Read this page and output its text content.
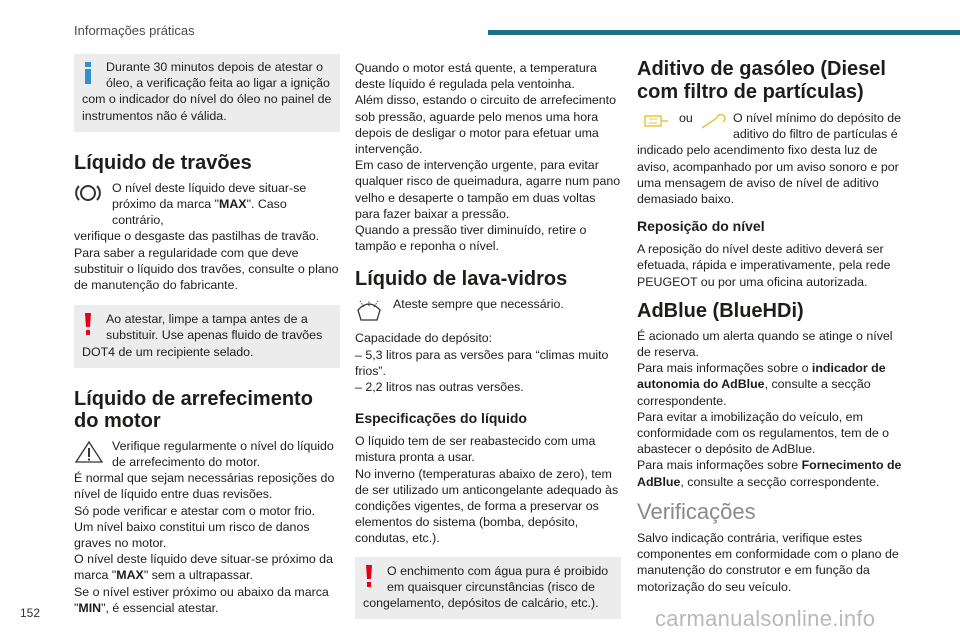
Informações práticas
Durante 30 minutos depois de atestar o óleo, a verificação feita ao ligar a ignição
com o indicador do nível do óleo no painel de instrumentos não é válida.
Líquido de travões
O nível deste líquido deve situar-se próximo da marca "MAX". Caso contrário,
verifique o desgaste das pastilhas de travão.
Para saber a regularidade com que deve substituir o líquido dos travões, consulte o plano de manutenção do fabricante.
Ao atestar, limpe a tampa antes de a substituir. Use apenas fluido de travões
DOT4 de um recipiente selado.
Líquido de arrefecimento do motor
Verifique regularmente o nível do líquido de arrefecimento do motor.
É normal que sejam necessárias reposições do nível de líquido entre duas revisões.
Só pode verificar e atestar com o motor frio.
Um nível baixo constitui um risco de danos graves no motor.
O nível deste líquido deve situar-se próximo da marca "MAX" sem a ultrapassar.
Se o nível estiver próximo ou abaixo da marca "MIN", é essencial atestar.
Quando o motor está quente, a temperatura deste líquido é regulada pela ventoinha.
Além disso, estando o circuito de arrefecimento sob pressão, aguarde pelo menos uma hora depois de desligar o motor para efetuar uma intervenção.
Em caso de intervenção urgente, para evitar qualquer risco de queimadura, agarre num pano velho e desaperte o tampão em duas voltas para fazer baixar a pressão.
Quando a pressão tiver diminuído, retire o tampão e reponha o nível.
Líquido de lava-vidros
Ateste sempre que necessário.
Capacidade do depósito:
– 5,3 litros para as versões para “climas muito frios”.
– 2,2 litros nas outras versões.
Especificações do líquido
O líquido tem de ser reabastecido com uma mistura pronta a usar.
No inverno (temperaturas abaixo de zero), tem de ser utilizado um anticongelante adequado às condições vigentes, de forma a preservar os elementos do sistema (bomba, depósito, condutas, etc.).
O enchimento com água pura é proibido em quaisquer circunstâncias (risco de
congelamento, depósitos de calcário, etc.).
Aditivo de gasóleo (Diesel com filtro de partículas)
ou	O nível mínimo do depósito de aditivo do filtro de partículas é
indicado pelo acendimento fixo desta luz de aviso, acompanhado por um aviso sonoro e por uma mensagem de aviso de nível de aditivo demasiado baixo.
Reposição do nível
A reposição do nível deste aditivo deverá ser efetuada, rápida e imperativamente, pela rede PEUGEOT ou por uma oficina autorizada.
AdBlue (BlueHDi)
É acionado um alerta quando se atinge o nível de reserva.
Para mais informações sobre o indicador de autonomia do AdBlue, consulte a secção correspondente.
Para evitar a imobilização do veículo, em conformidade com os regulamentos, tem de o abastecer o depósito de AdBlue.
Para mais informações sobre Fornecimento de AdBlue, consulte a secção correspondente.
Verificações
Salvo indicação contrária, verifique estes componentes em conformidade com o plano de manutenção do construtor e em função da motorização do seu veículo.
152	carmanualsonline.info
